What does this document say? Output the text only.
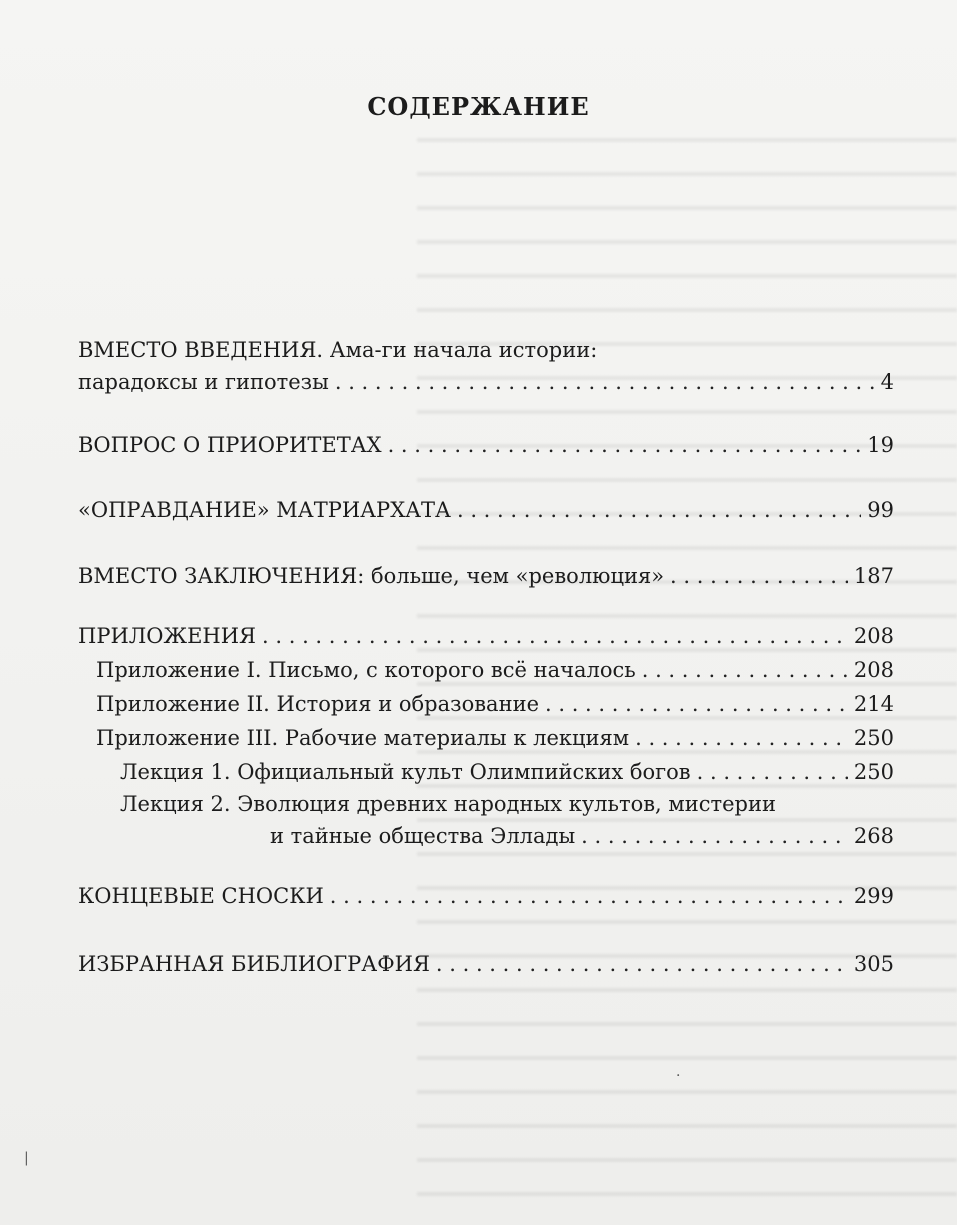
СОДЕРЖАНИЕ
ВМЕСТО ВВЕДЕНИЯ. Ама-ги начала истории:
парадоксы и гипотезы . . .	4
ВОПРОС О ПРИОРИТЕТАХ . . .	19
«ОПРАВДАНИЕ» МАТРИАРХАТА . . .	99
ВМЕСТО ЗАКЛЮЧЕНИЯ: больше, чем «революция» . . .	187
ПРИЛОЖЕНИЯ . . .	208
Приложение I. Письмо, с которого всё началось . . .	208
Приложение II. История и образование . . .	214
Приложение III. Рабочие материалы к лекциям . . .	250
Лекция 1. Официальный культ Олимпийских богов . . .	250
Лекция 2. Эволюция древних народных культов, мистерии
и тайные общества Эллады . . .	268
КОНЦЕВЫЕ СНОСКИ . . .	299
ИЗБРАННАЯ БИБЛИОГРАФИЯ . . .	305
·
|
